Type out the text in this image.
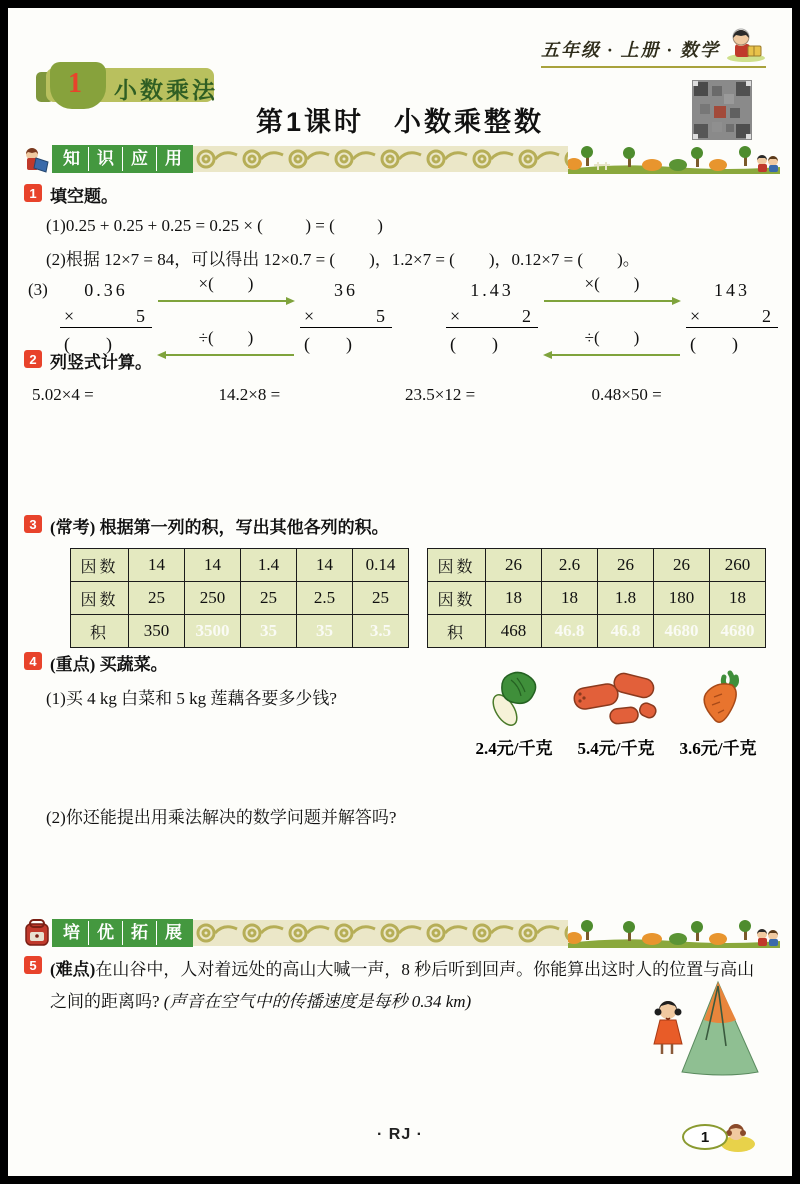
五年级 · 上册 · 数学
1 小数乘法
第1课时　小数乘整数
知	识	应	用
1 填空题。
(1)0.25 + 0.25 + 0.25 = 0.25 × (          ) = (          )
(2)根据 12×7 = 84，可以得出 12×0.7 = (        )，1.2×7 = (        )，0.12×7 = (        )。
(3)	0.36
×	5
(        )
×(        )
÷(        )
36
×	5
(        )
1.43
×	2
(        )
×(        )
÷(        )
143
×	2
(        )
2 列竖式计算。
5.02×4 =	14.2×8 =	23.5×12 =	0.48×50 =
3 (常考) 根据第一列的积，写出其他各列的积。
因数	14	14	1.4	14	0.14
因数	25	250	25	2.5	25
积	350	3500	35	35	3.5
因数	26	2.6	26	26	260
因数	18	18	1.8	180	18
积	468	46.8	46.8	4680	4680
4 (重点) 买蔬菜。
(1)买 4 kg 白菜和 5 kg 莲藕各要多少钱?
2.4元/千克 5.4元/千克 3.6元/千克
(2)你还能提出用乘法解决的数学问题并解答吗?
培	优	拓	展
5 (难点)在山谷中，人对着远处的高山大喊一声，8 秒后听到回声。你能算出这时人的位置与高山之间的距离吗? (声音在空气中的传播速度是每秒 0.34 km)
· RJ ·	1
